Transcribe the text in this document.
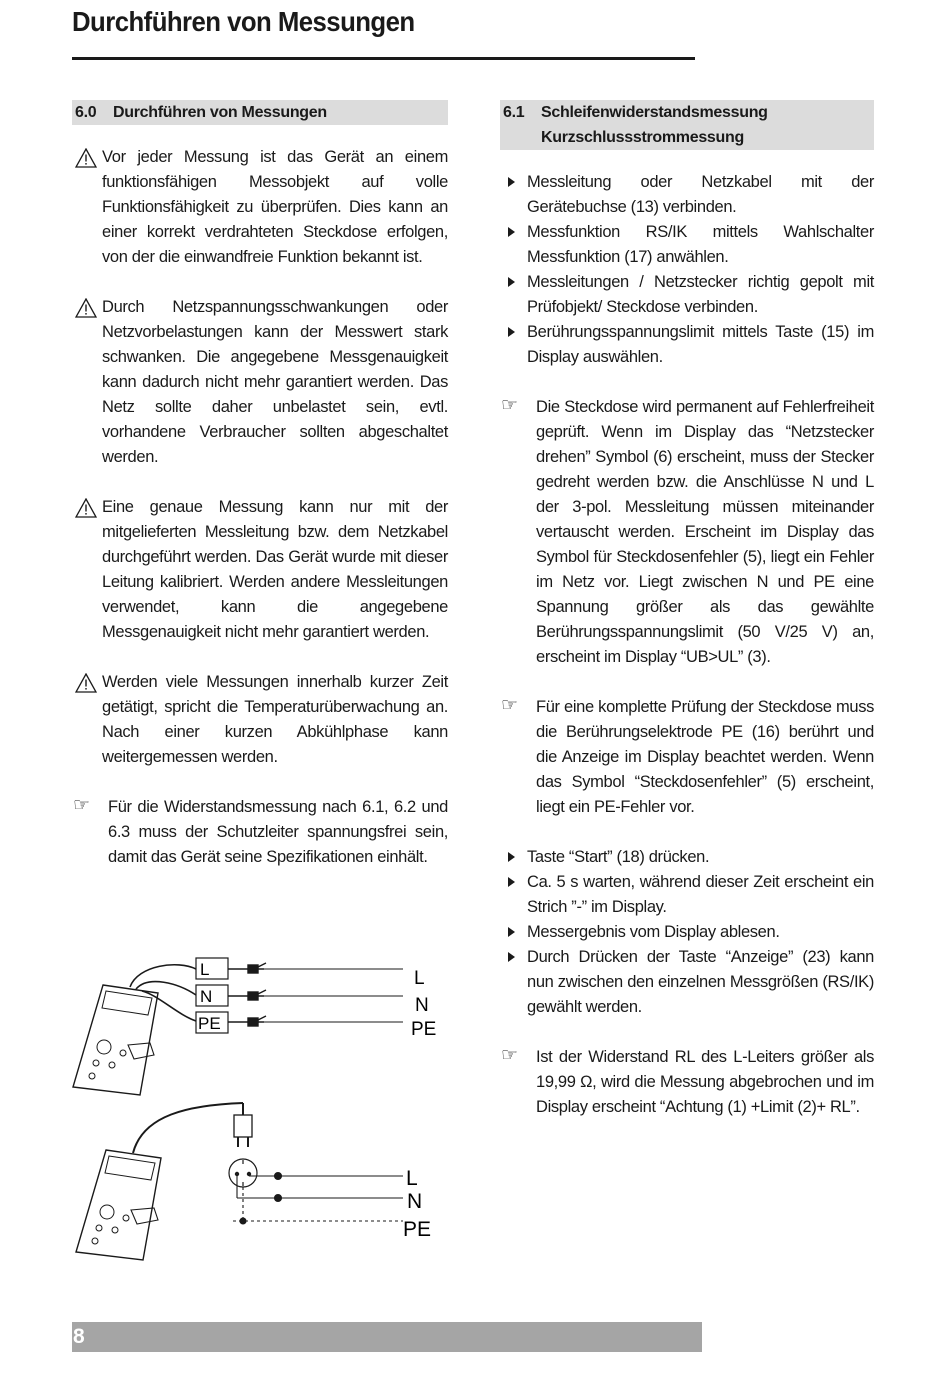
Durchführen von Messungen
6.0 Durchführen von Messungen
Vor jeder Messung ist das Gerät an einem funktionsfähigen Messobjekt auf volle Funktionsfähigkeit zu überprüfen. Dies kann an einer korrekt verdrahteten Steckdose erfolgen, von der die einwandfreie Funktion bekannt ist.
Durch Netzspannungsschwankungen oder Netzvorbelastungen kann der Messwert stark schwanken. Die angegebene Messgenauigkeit kann dadurch nicht mehr garantiert werden. Das Netz sollte daher unbelastet sein, evtl. vorhandene Verbraucher sollten abgeschaltet werden.
Eine genaue Messung kann nur mit der mitgelieferten Messleitung bzw. dem Netzkabel durchgeführt werden. Das Gerät wurde mit dieser Leitung kalibriert. Werden andere Messleitungen verwendet, kann die angegebene Messgenauigkeit nicht mehr garantiert werden.
Werden viele Messungen innerhalb kurzer Zeit getätigt, spricht die Temperaturüberwachung an. Nach einer kurzen Abkühlphase kann weitergemessen werden.
☞ Für die Widerstandsmessung nach 6.1, 6.2 und 6.3 muss der Schutzleiter spannungsfrei sein, damit das Gerät seine Spezifikationen einhält.
L
N
PE
L
N
PE
L
N
PE
6.1 Schleifenwiderstandsmessung
Kurzschlussstrommessung
Messleitung oder Netzkabel mit der Gerätebuchse (13) verbinden.
Messfunktion RS/IK mittels Wahlschalter Messfunktion (17) anwählen.
Messleitungen / Netzstecker richtig gepolt mit Prüfobjekt/ Steckdose verbinden.
Berührungsspannungslimit mittels Taste (15) im Display auswählen.
☞ Die Steckdose wird permanent auf Fehlerfreiheit geprüft. Wenn im Display das “Netzstecker drehen” Symbol (6) erscheint, muss der Stecker gedreht werden bzw. die Anschlüsse N und L der 3-pol. Messleitung müssen miteinander vertauscht werden. Erscheint im Display das Symbol für Steckdosenfehler (5), liegt ein Fehler im Netz vor. Liegt zwischen N und PE eine Spannung größer als das gewählte Berührungsspannungslimit (50 V/25 V) an, erscheint im Display “UB>UL” (3).
☞ Für eine komplette Prüfung der Steckdose muss die Berührungselektrode PE (16) berührt und die Anzeige im Display beachtet werden. Wenn das Symbol “Steckdosenfehler” (5) erscheint, liegt ein PE-Fehler vor.
Taste “Start” (18) drücken.
Ca. 5 s warten, während dieser Zeit erscheint ein Strich ”-” im Display.
Messergebnis vom Display ablesen.
Durch Drücken der Taste “Anzeige” (23) kann nun zwischen den einzelnen Messgrößen (RS/IK) gewählt werden.
☞ Ist der Widerstand RL des L-Leiters größer als 19,99 Ω, wird die Messung abgebrochen und im Display erscheint “Achtung (1) +Limit (2)+ RL”.
8
